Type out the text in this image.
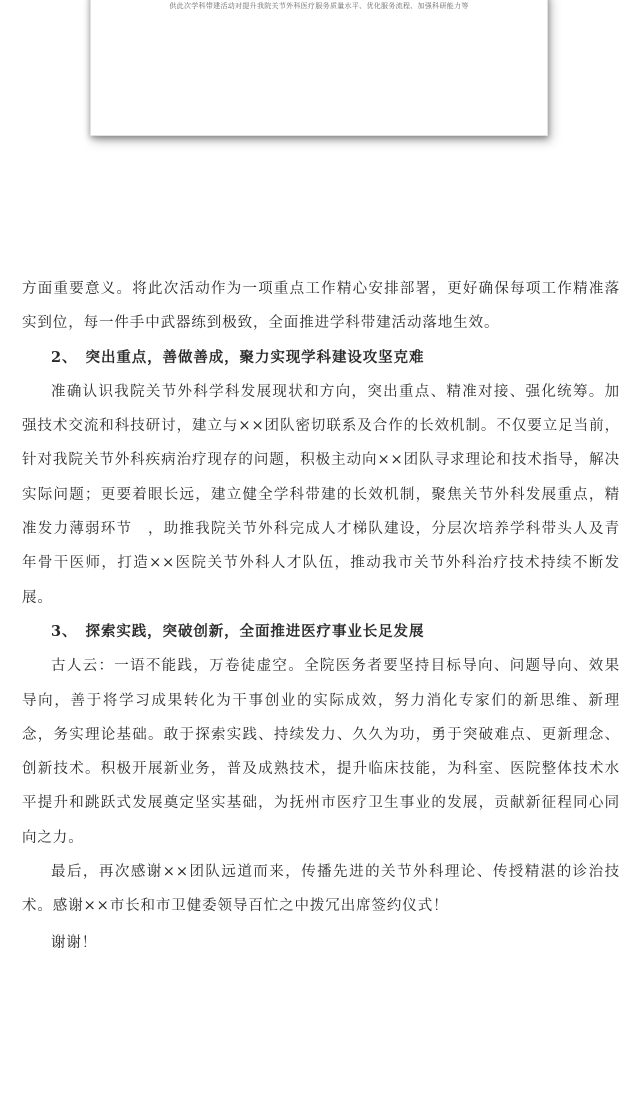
供此次学科带建活动对提升我院关节外科医疗服务质量水平、优化服务流程、加强科研能力等

方面重要意义。将此次活动作为一项重点工作精心安排部署，更好确保每项工作精准落实到位，每一件手中武器练到极致，全面推进学科带建活动落地生效。

2、　 突出重点，善做善成，聚力实现学科建设攻坚克难

准确认识我院关节外科学科发展现状和方向，突出重点、精准对接、强化统筹。加强技术交流和科技研讨，建立与××团队密切联系及合作的长效机制。不仅要立足当前，针对我院关节外科疾病治疗现存的问题，积极主动向××团队寻求理论和技术指导，解决实际问题；更要着眼长远，建立健全学科带建的长效机制，聚焦关节外科发展重点，精准发力薄弱环节　，助推我院关节外科完成人才梯队建设，分层次培养学科带头人及青年骨干医师，打造××医院关节外科人才队伍，推动我市关节外科治疗技术持续不断发展。

3、　 探索实践，突破创新，全面推进医疗事业长足发展

古人云：一语不能践，万卷徒虚空。全院医务者要坚持目标导向、问题导向、效果导向，善于将学习成果转化为干事创业的实际成效，努力消化专家们的新思维、新理念，务实理论基础。敢于探索实践、持续发力、久久为功，勇于突破难点、更新理念、创新技术。积极开展新业务，普及成熟技术，提升临床技能，为科室、医院整体技术水平提升和跳跃式发展奠定坚实基础，为抚州市医疗卫生事业的发展，贡献新征程同心同向之力。

最后，再次感谢××团队远道而来，传播先进的关节外科理论、传授精湛的诊治技术。感谢××市长和市卫健委领导百忙之中拨冗出席签约仪式！

谢谢！
